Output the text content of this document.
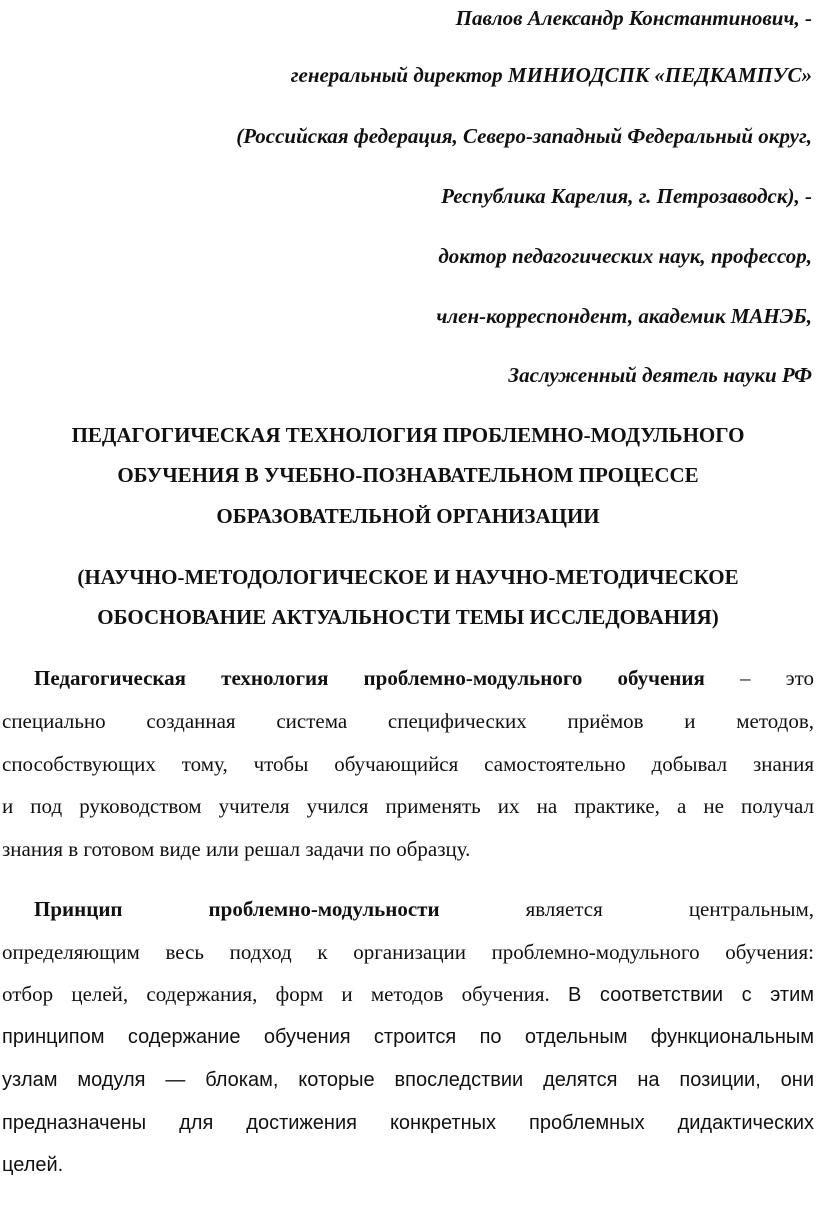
Павлов Александр Константинович, -
генеральный директор МИНИОДСПК «ПЕДКАМПУС»
(Российская федерация, Северо-западный Федеральный округ,
Республика Карелия, г. Петрозаводск), -
доктор педагогических наук, профессор,
член-корреспондент, академик МАНЭБ,
Заслуженный деятель науки РФ
ПЕДАГОГИЧЕСКАЯ ТЕХНОЛОГИЯ ПРОБЛЕМНО-МОДУЛЬНОГО
ОБУЧЕНИЯ В УЧЕБНО-ПОЗНАВАТЕЛЬНОМ ПРОЦЕССЕ
ОБРАЗОВАТЕЛЬНОЙ ОРГАНИЗАЦИИ
(НАУЧНО-МЕТОДОЛОГИЧЕСКОЕ И НАУЧНО-МЕТОДИЧЕСКОЕ
ОБОСНОВАНИЕ АКТУАЛЬНОСТИ ТЕМЫ ИССЛЕДОВАНИЯ)
Педагогическая технология проблемно-модульного обучения – это
специально созданная система специфических приёмов и методов,
способствующих тому, чтобы обучающийся самостоятельно добывал знания
и под руководством учителя учился применять их на практике, а не получал
знания в готовом виде или решал задачи по образцу.
Принцип проблемно-модульности	является центральным,
определяющим весь подход к организации проблемно-модульного обучения:
отбор целей, содержания, форм и методов обучения. В соответствии с этим
принципом содержание обучения строится по отдельным функциональным
узлам модуля — блокам, которые впоследствии делятся на позиции, они
предназначены для достижения конкретных проблемных дидактических
целей.
